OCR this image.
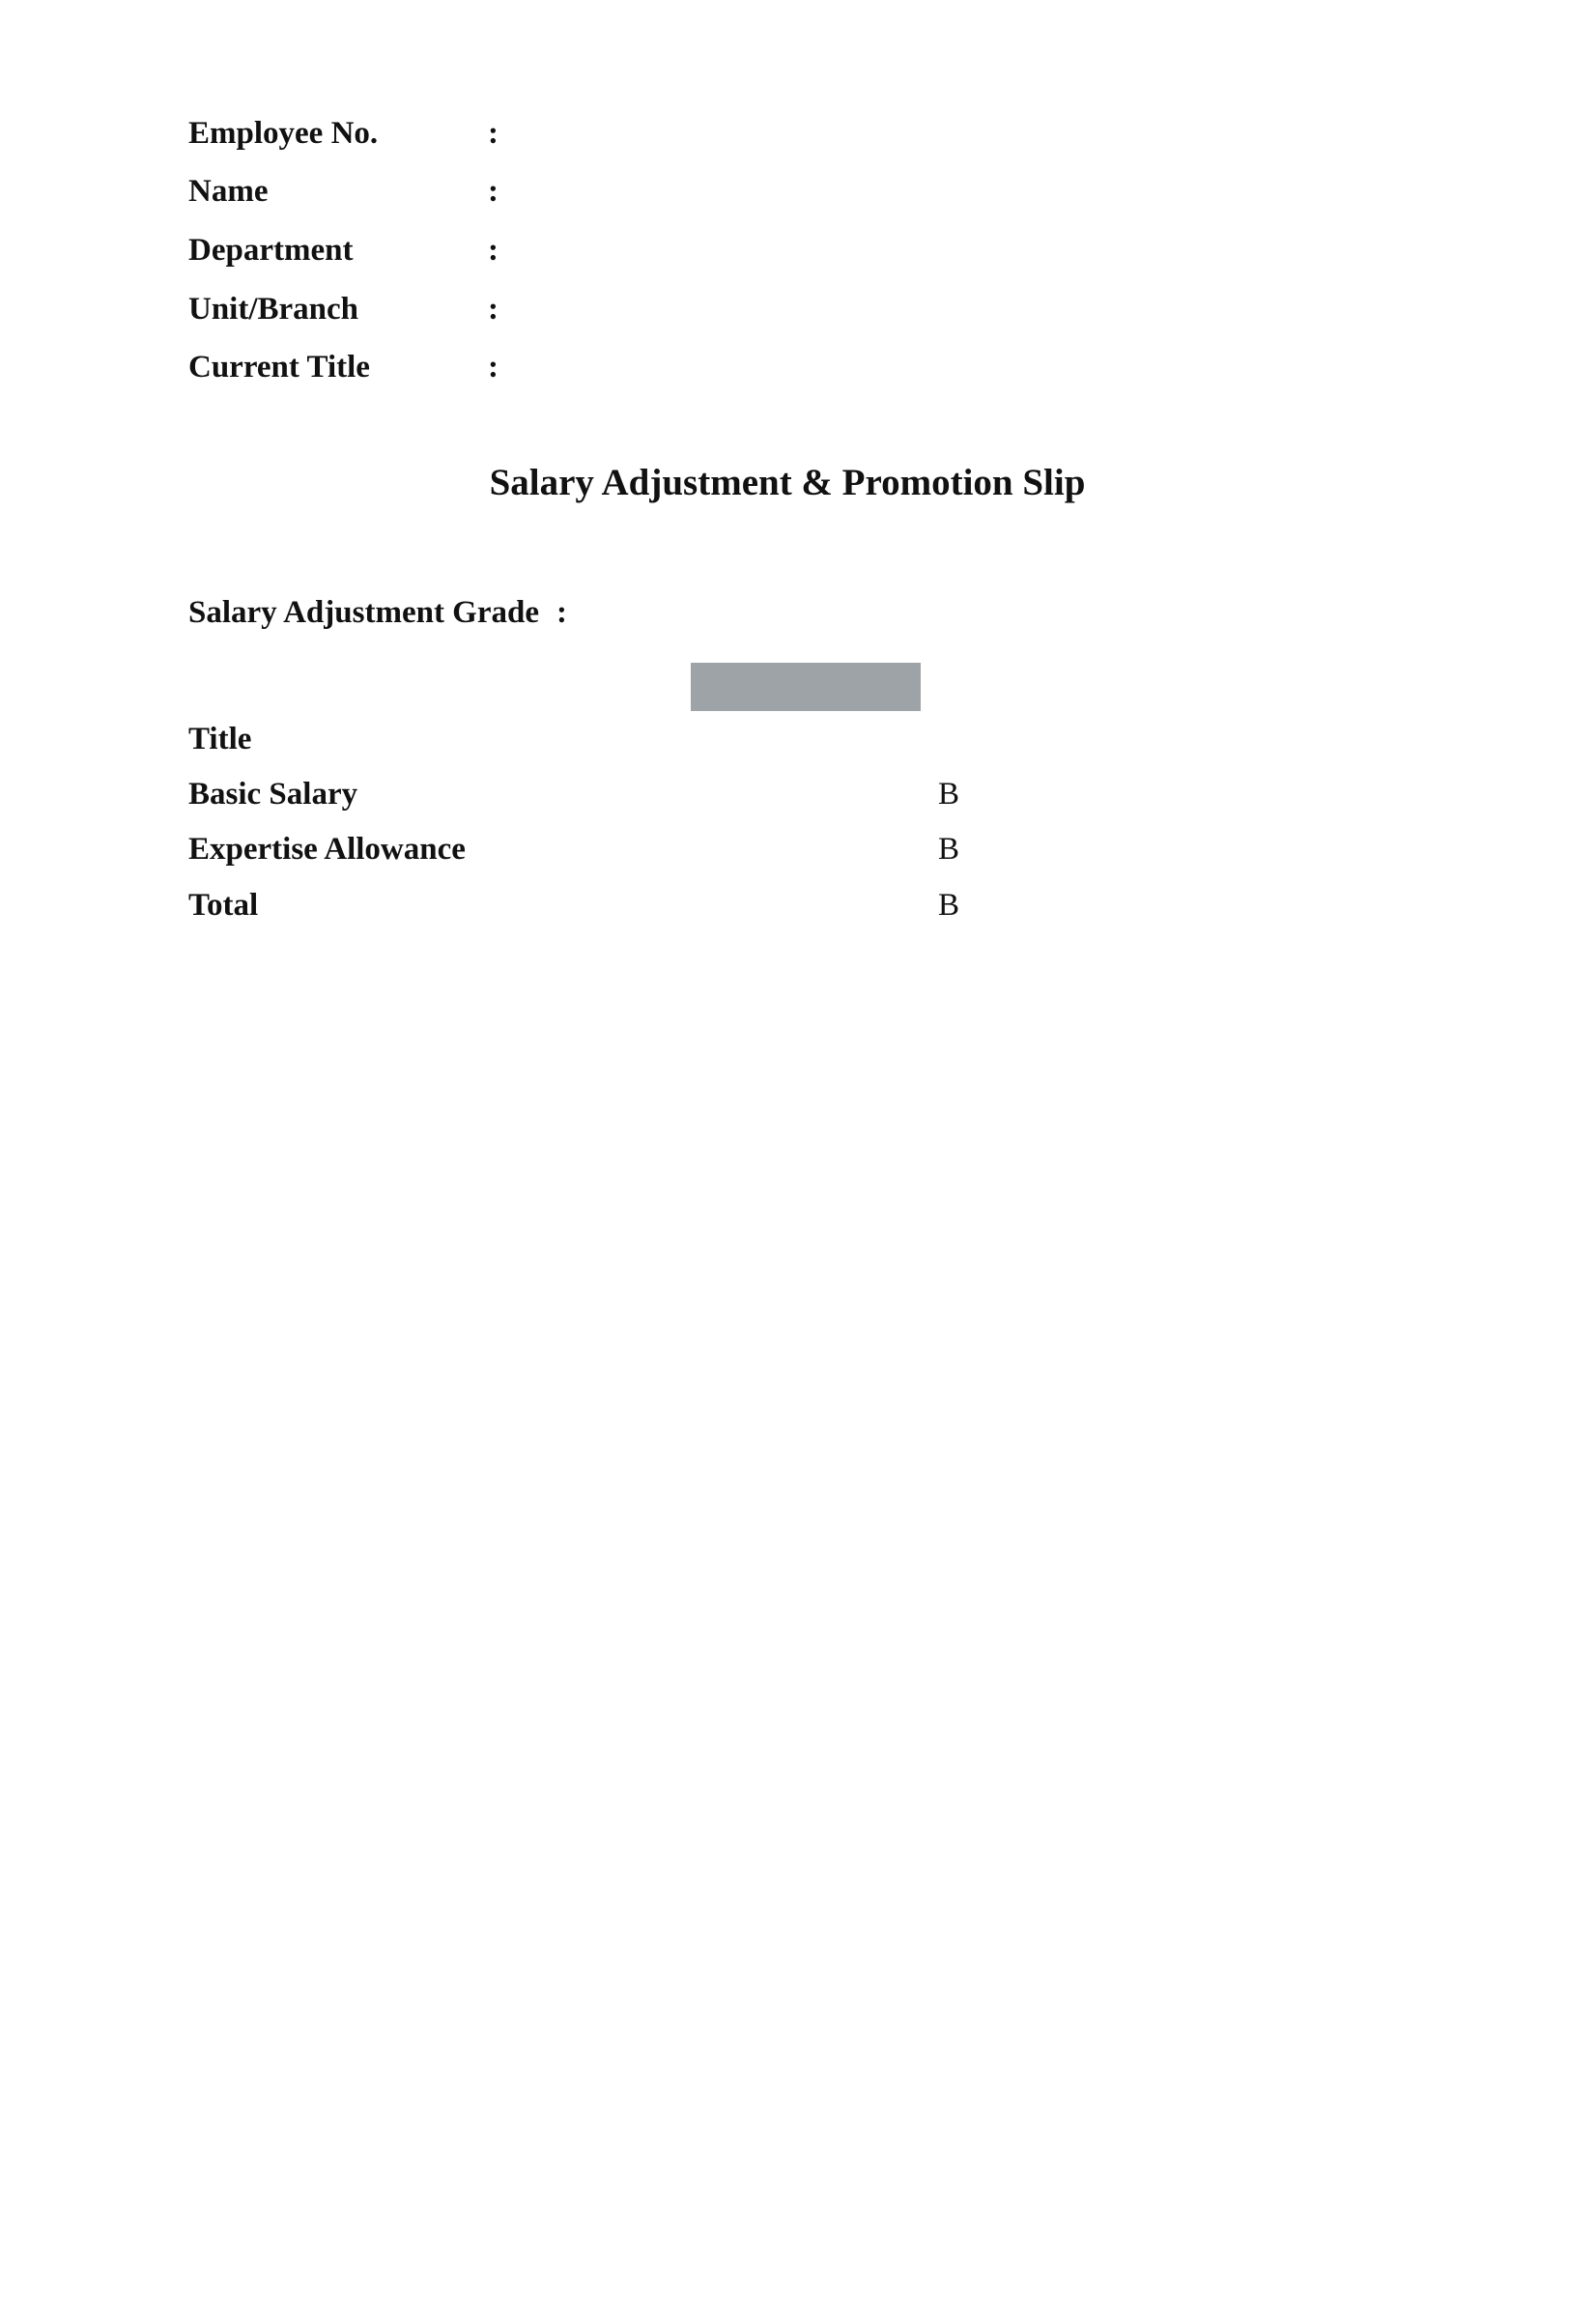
Employee No.	:
Name	:
Department	:
Unit/Branch	:
Current Title	:
Salary Adjustment & Promotion Slip
Salary Adjustment Grade :
Title
Basic Salary	B
Expertise Allowance	B
Total	B
